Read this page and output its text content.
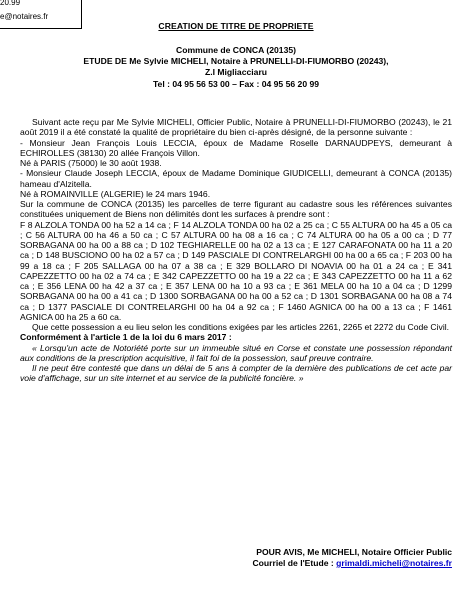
20.99
e@notaires.fr
CREATION DE TITRE DE PROPRIETE
Commune de CONCA (20135)
ETUDE DE Me Sylvie MICHELI, Notaire à PRUNELLI-DI-FIUMORBO (20243),
Z.I Migliacciaru
Tel : 04 95 56 53 00 – Fax : 04 95 56 20 99

Suivant acte reçu par Me Sylvie MICHELI, Officier Public, Notaire à PRUNELLI-DI-FIUMORBO (20243), le 21 août 2019 il a été constaté la qualité de propriétaire du bien ci-après désigné, de la personne suivante :

- Monsieur Jean François Louis LECCIA, époux de Madame Roselle DARNAUDPEYS, demeurant à ECHIROLLES (38130) 20 allée François Villon.

Né à PARIS (75000) le 30 août 1938.

- Monsieur Claude Joseph LECCIA, époux de Madame Dominique GIUDICELLI, demeurant à CONCA (20135) hameau d'Alzitella.

Né à ROMAINVILLE (ALGERIE) le 24 mars 1946.

Sur la commune de CONCA (20135) les parcelles de terre figurant au cadastre sous les références suivantes constituées uniquement de Biens non délimités dont les surfaces à prendre sont :

F 8 ALZOLA TONDA 00 ha 52 a 14 ca ; F 14 ALZOLA TONDA 00 ha 02 a 25 ca ; C 55 ALTURA 00 ha 45 a 05 ca ; C 56 ALTURA 00 ha 46 a 50 ca ; C 57 ALTURA 00 ha 08 a 16 ca ; C 74 ALTURA 00 ha 05 a 00 ca ; D 77 SORBAGANA 00 ha 00 a 88 ca ; D 102 TEGHIARELLE 00 ha 02 a 13 ca ; E 127 CARAFONATA 00 ha 11 a 20 ca ; D 148 BUSCIONO 00 ha 02 a 57 ca ; D 149 PASCIALE DI CONTRELARGHI 00 ha 00 a 65 ca ; F 203 00 ha 99 a 18 ca ; F 205 SALLAGA 00 ha 07 a 38 ca ; E 329 BOLLARO DI NOAVIA 00 ha 01 a 24 ca ; E 341 CAPEZZETTO 00 ha 02 a 74 ca ; E 342 CAPEZZETTO 00 ha 19 a 22 ca ; E 343 CAPEZZETTO 00 ha 11 a 62 ca ; E 356 LENA 00 ha 42 a 37 ca ; E 357 LENA 00 ha 10 a 93 ca ; E 361 MELA 00 ha 10 a 04 ca ; D 1299 SORBAGANA 00 ha 00 a 41 ca ; D 1300 SORBAGANA 00 ha 00 a 52 ca ; D 1301 SORBAGANA 00 ha 08 a 74 ca ; D 1377 PASCIALE DI CONTRELARGHI 00 ha 04 a 92 ca ; F 1460 AGNICA 00 ha 00 a 13 ca ; F 1461 AGNICA 00 ha 25 a 60 ca.

Que cette possession a eu lieu selon les conditions exigées par les articles 2261, 2265 et 2272 du Code Civil.

Conformément à l'article 1 de la loi du 6 mars 2017 :

« Lorsqu'un acte de Notoriété porte sur un immeuble situé en Corse et constate une possession répondant aux conditions de la prescription acquisitive, il fait foi de la possession, sauf preuve contraire.

Il ne peut être contesté que dans un délai de 5 ans à compter de la dernière des publications de cet acte par voie d'affichage, sur un site internet et au service de la publicité foncière. »

POUR AVIS, Me MICHELI, Notaire Officier Public
Courriel de l'Etude : grimaldi.micheli@notaires.fr
